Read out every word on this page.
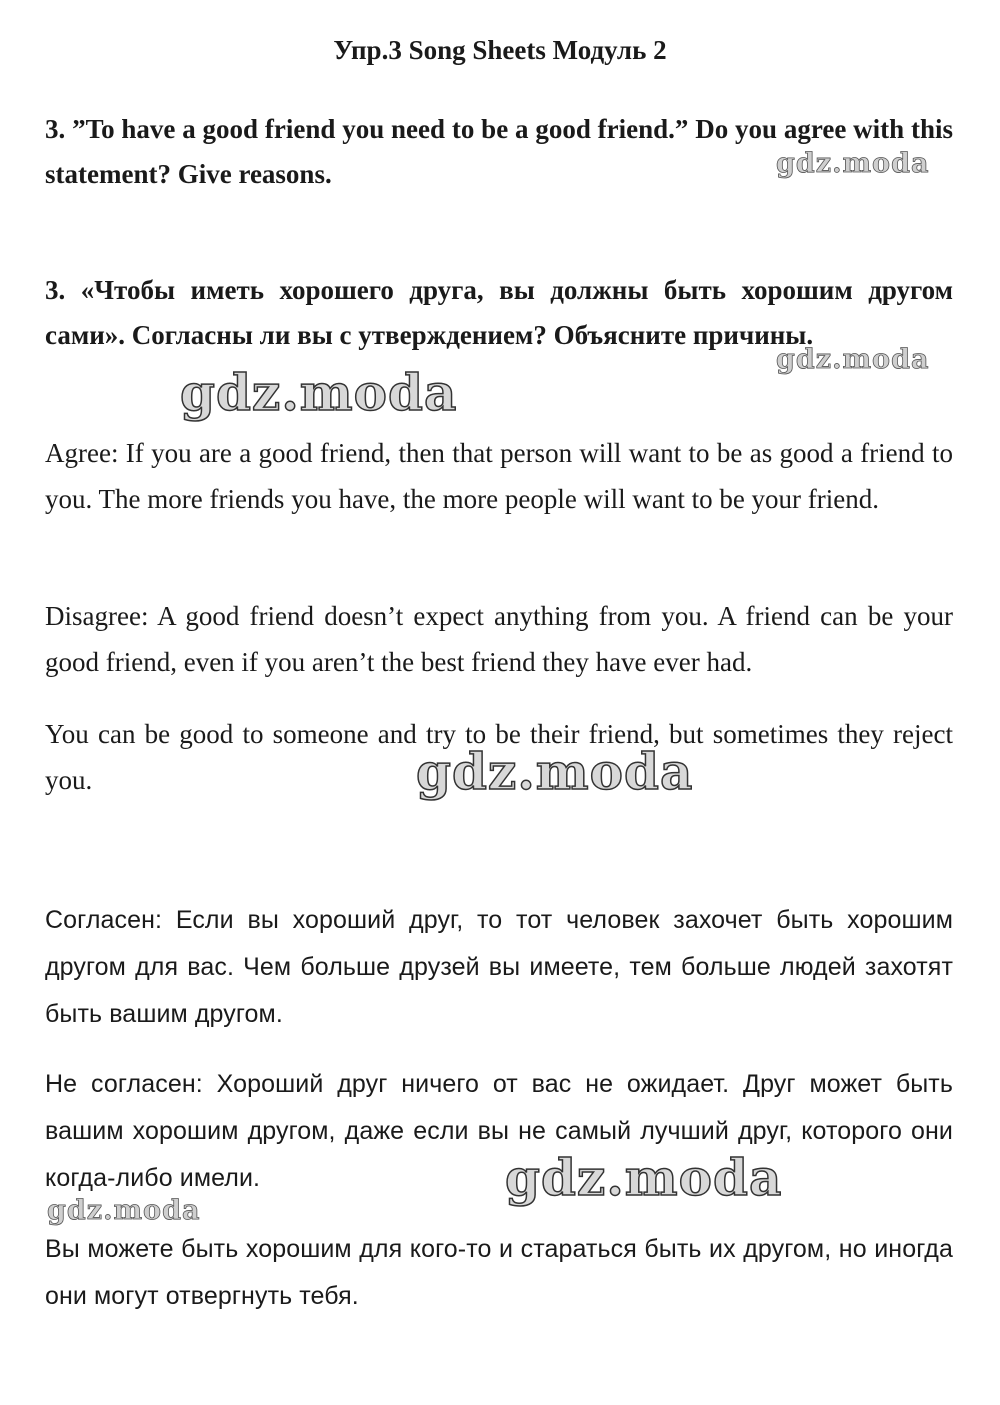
Упр.3 Song Sheets Модуль 2

3. ”To have a good friend you need to be a good friend.” Do you agree with this statement? Give reasons.

3. «Чтобы иметь хорошего друга, вы должны быть хорошим другом сами». Согласны ли вы с утверждением? Объясните причины.

Agree: If you are a good friend, then that person will want to be as good a friend to you. The more friends you have, the more people will want to be your friend.

Disagree: A good friend doesn’t expect anything from you. A friend can be your good friend, even if you aren’t the best friend they have ever had.

You can be good to someone and try to be their friend, but sometimes they reject you.

Согласен: Если вы хороший друг, то тот человек захочет быть хорошим другом для вас. Чем больше друзей вы имеете, тем больше людей захотят быть вашим другом.

Не согласен: Хороший друг ничего от вас не ожидает. Друг может быть вашим хорошим другом, даже если вы не самый лучший друг, которого они когда-либо имели.

Вы можете быть хорошим для кого-то и стараться быть их другом, но иногда они могут отвергнуть тебя.

gdz.moda
gdz.moda
gdz.moda
gdz.moda
gdz.moda
gdz.moda
